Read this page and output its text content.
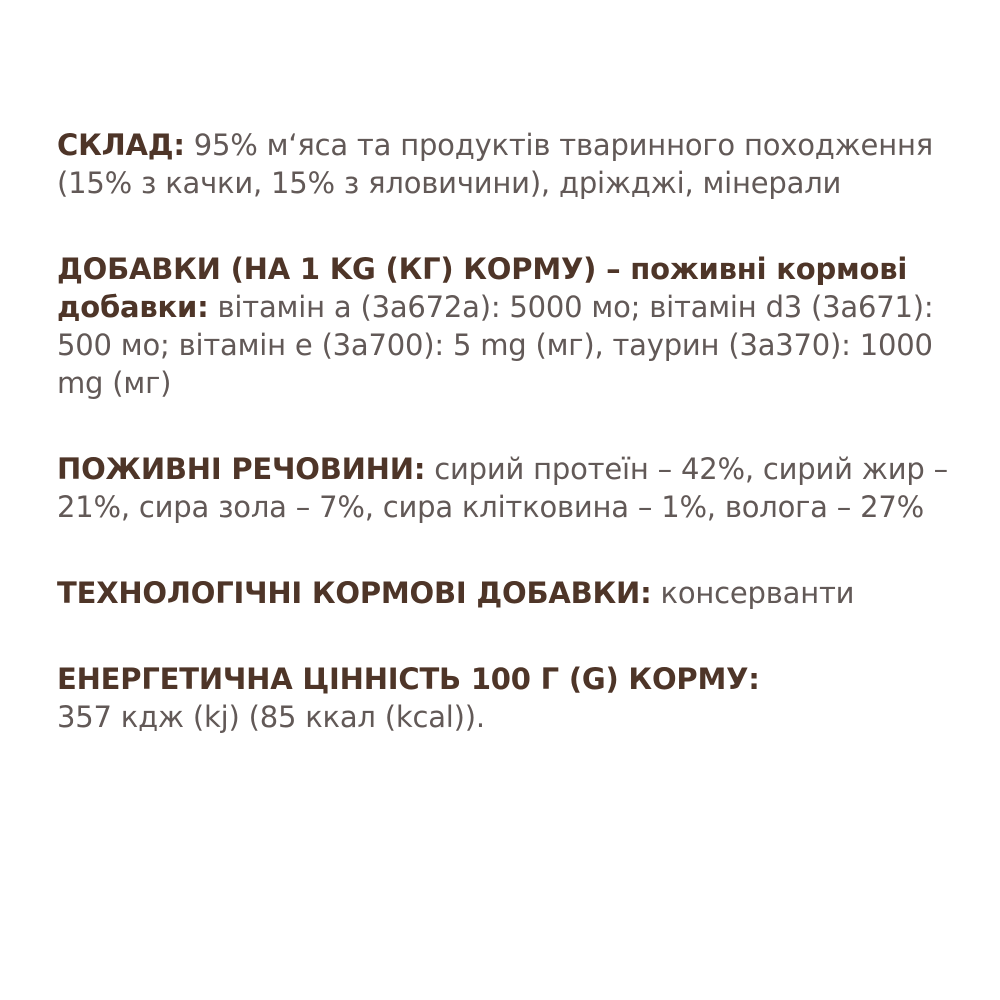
СКЛАД: 95% м‘яса та продуктів тваринного походження (15% з качки, 15% з яловичини), дріжджі, мінерали

ДОБАВКИ (НА 1 KG (КГ) КОРМУ) – поживні кормові добавки: вітамін а (3а672а): 5000 мо; вітамін d3 (3а671): 500 мо; вітамін е (3а700): 5 mg (мг), таурин (3а370): 1000 mg (мг)

ПОЖИВНІ РЕЧОВИНИ: сирий протеїн – 42%, сирий жир – 21%, сира зола – 7%, сира клітковина – 1%, вологa – 27%

ТЕХНОЛОГІЧНІ КОРМОВІ ДОБАВКИ: консерванти

ЕНЕРГЕТИЧНА ЦІННІСТЬ 100 Г (G) КОРМУ:
357 кдж (kj) (85 ккал (kcal)).
